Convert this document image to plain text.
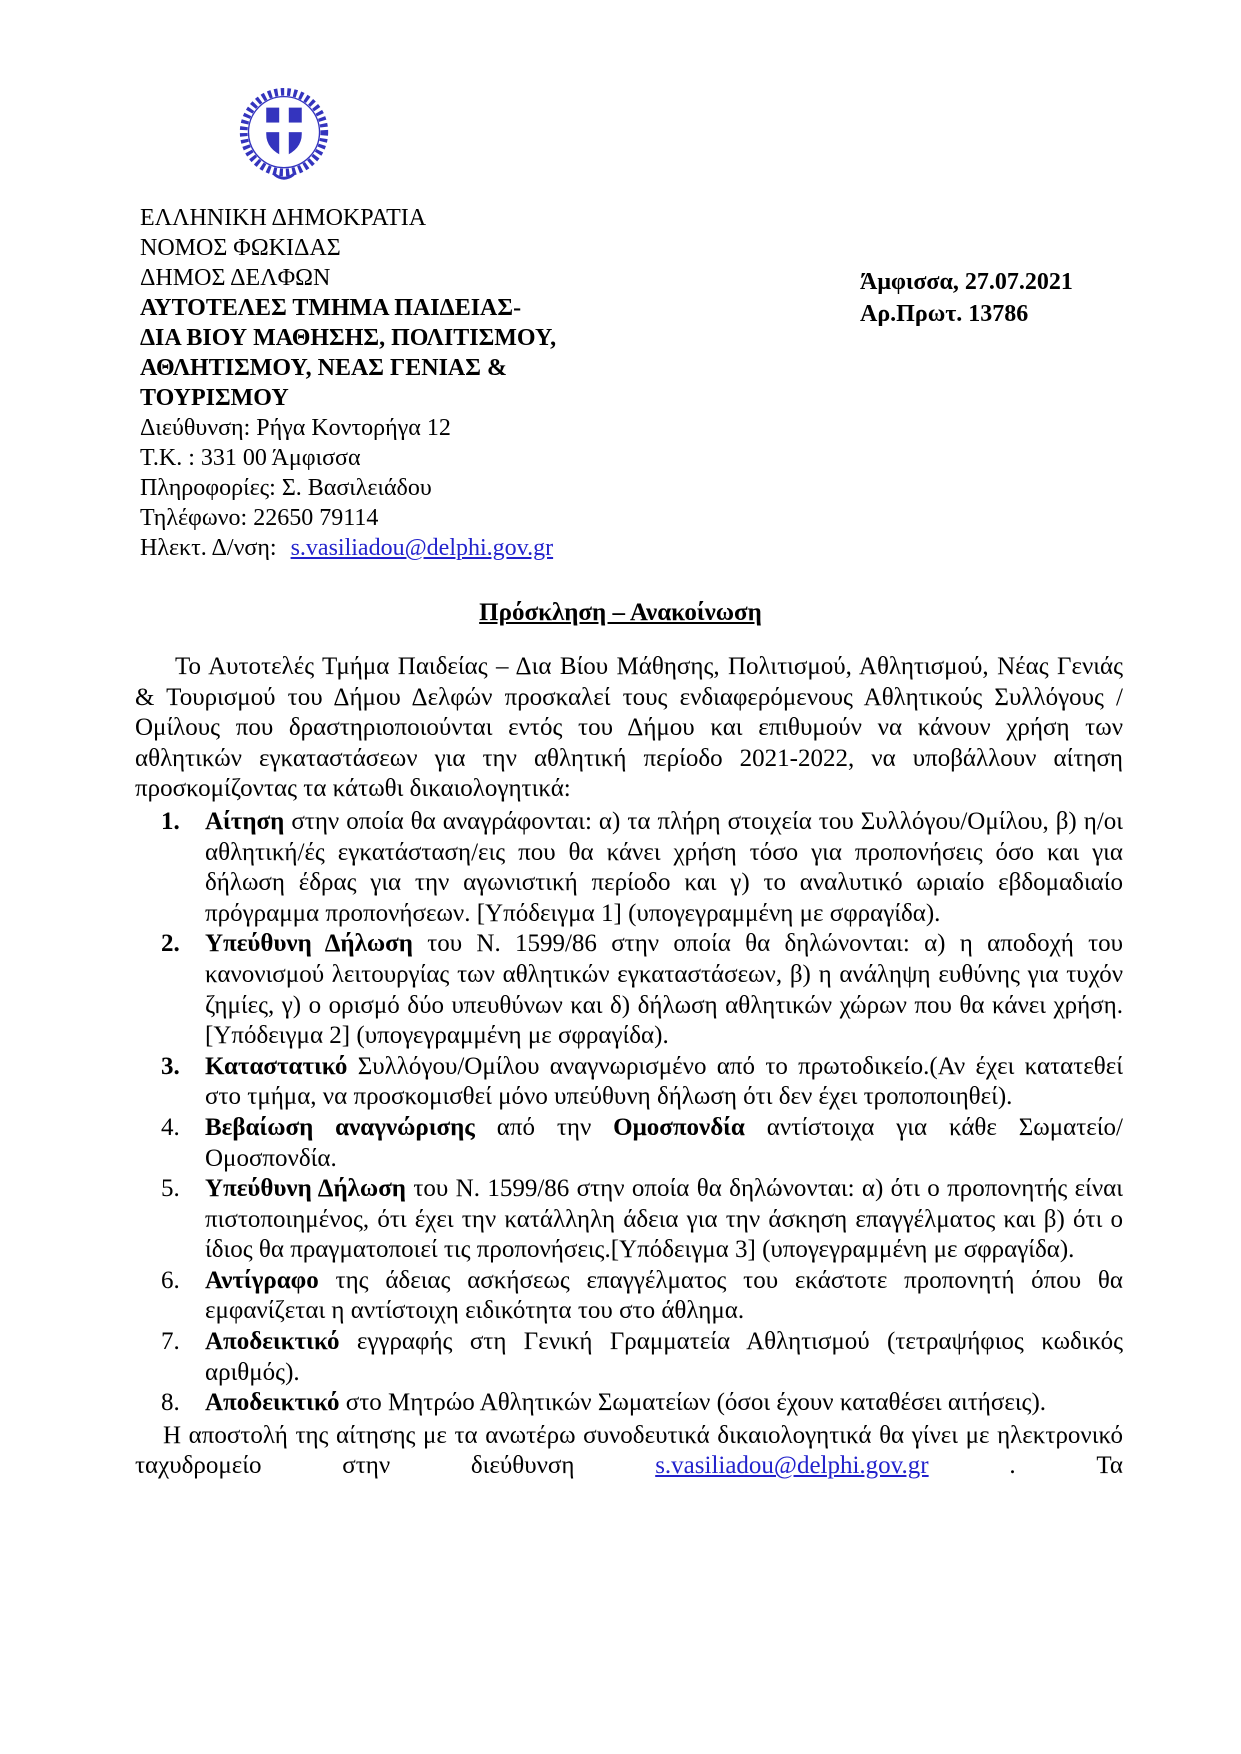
ΕΛΛΗΝΙΚΗ ΔΗΜΟΚΡΑΤΙΑ
ΝΟΜΟΣ ΦΩΚΙΔΑΣ
ΔΗΜΟΣ ΔΕΛΦΩΝ
ΑΥΤΟΤΕΛΕΣ ΤΜΗΜΑ ΠΑΙΔΕΙΑΣ-
ΔΙΑ ΒΙΟΥ ΜΑΘΗΣΗΣ, ΠΟΛΙΤΙΣΜΟΥ,
ΑΘΛΗΤΙΣΜΟΥ, ΝΕΑΣ ΓΕΝΙΑΣ &
ΤΟΥΡΙΣΜΟΥ
Διεύθυνση: Ρήγα Κοντορήγα 12
Τ.Κ. : 331 00 Άμφισσα
Πληροφορίες: Σ. Βασιλειάδου
Τηλέφωνο: 22650 79114
Ηλεκτ. Δ/νση: s.vasiliadou@delphi.gov.gr
Άμφισσα, 27.07.2021
Αρ.Πρωτ. 13786
Πρόσκληση – Ανακοίνωση

Το Αυτοτελές Τμήμα Παιδείας – Δια Βίου Μάθησης, Πολιτισμού, Αθλητισμού, Νέας Γενιάς & Τουρισμού του Δήμου Δελφών προσκαλεί τους ενδιαφερόμενους Αθλητικούς Συλλόγους / Ομίλους που δραστηριοποιούνται εντός του Δήμου και επιθυμούν να κάνουν χρήση των αθλητικών εγκαταστάσεων για την αθλητική περίοδο 2021-2022, να υποβάλλουν αίτηση προσκομίζοντας τα κάτωθι δικαιολογητικά:

1. Αίτηση στην οποία θα αναγράφονται: α) τα πλήρη στοιχεία του Συλλόγου/Ομίλου, β) η/οι αθλητική/ές εγκατάσταση/εις που θα κάνει χρήση τόσο για προπονήσεις όσο και για δήλωση έδρας για την αγωνιστική περίοδο και γ) το αναλυτικό ωριαίο εβδομαδιαίο πρόγραμμα προπονήσεων. [Υπόδειγμα 1] (υπογεγραμμένη με σφραγίδα).
2. Υπεύθυνη Δήλωση του Ν. 1599/86 στην οποία θα δηλώνονται: α) η αποδοχή του κανονισμού λειτουργίας των αθλητικών εγκαταστάσεων, β) η ανάληψη ευθύνης για τυχόν ζημίες, γ) ο ορισμό δύο υπευθύνων και δ) δήλωση αθλητικών χώρων που θα κάνει χρήση. [Υπόδειγμα 2] (υπογεγραμμένη με σφραγίδα).
3. Καταστατικό Συλλόγου/Ομίλου αναγνωρισμένο από το πρωτοδικείο.(Αν έχει κατατεθεί στο τμήμα, να προσκομισθεί μόνο υπεύθυνη δήλωση ότι δεν έχει τροποποιηθεί).
4. Βεβαίωση αναγνώρισης από την Ομοσπονδία αντίστοιχα για κάθε Σωματείο/Ομοσπονδία.
5. Υπεύθυνη Δήλωση του Ν. 1599/86 στην οποία θα δηλώνονται: α) ότι ο προπονητής είναι πιστοποιημένος, ότι έχει την κατάλληλη άδεια για την άσκηση επαγγέλματος και β) ότι ο ίδιος θα πραγματοποιεί τις προπονήσεις.[Υπόδειγμα 3] (υπογεγραμμένη με σφραγίδα).
6. Αντίγραφο της άδειας ασκήσεως επαγγέλματος του εκάστοτε προπονητή όπου θα εμφανίζεται η αντίστοιχη ειδικότητα του στο άθλημα.
7. Αποδεικτικό εγγραφής στη Γενική Γραμματεία Αθλητισμού (τετραψήφιος κωδικός αριθμός).
8. Αποδεικτικό στο Μητρώο Αθλητικών Σωματείων (όσοι έχουν καταθέσει αιτήσεις).

Η αποστολή της αίτησης με τα ανωτέρω συνοδευτικά δικαιολογητικά θα γίνει με ηλεκτρονικό ταχυδρομείο στην διεύθυνση s.vasiliadou@delphi.gov.gr . Τα
